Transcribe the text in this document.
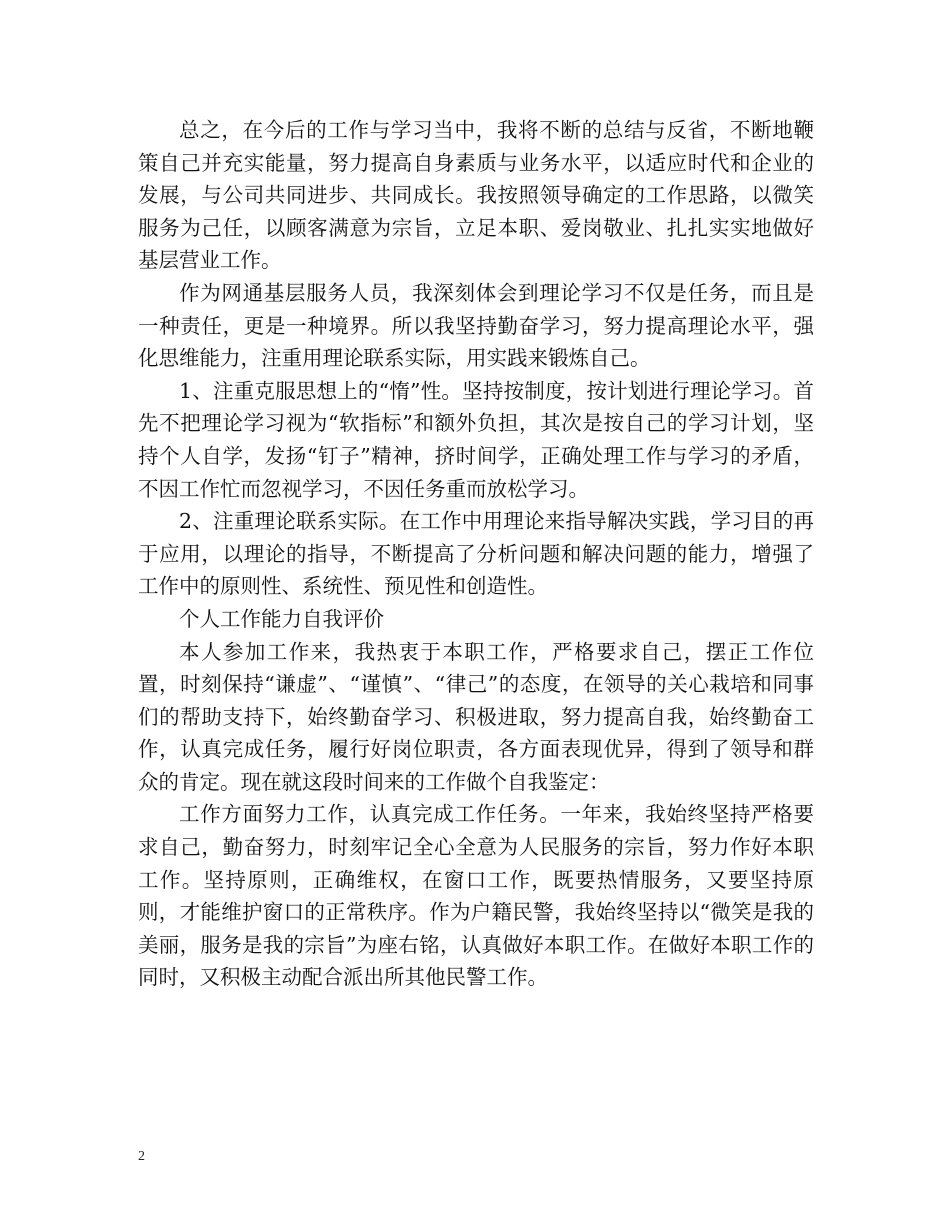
总之，在今后的工作与学习当中，我将不断的总结与反省，不断地鞭策自己并充实能量，努力提高自身素质与业务水平，以适应时代和企业的发展，与公司共同进步、共同成长。我按照领导确定的工作思路，以微笑服务为己任，以顾客满意为宗旨，立足本职、爱岗敬业、扎扎实实地做好基层营业工作。

作为网通基层服务人员，我深刻体会到理论学习不仅是任务，而且是一种责任，更是一种境界。所以我坚持勤奋学习，努力提高理论水平，强化思维能力，注重用理论联系实际，用实践来锻炼自己。

1、注重克服思想上的“惰”性。坚持按制度，按计划进行理论学习。首先不把理论学习视为“软指标”和额外负担，其次是按自己的学习计划，坚持个人自学，发扬“钉子”精神，挤时间学，正确处理工作与学习的矛盾，不因工作忙而忽视学习，不因任务重而放松学习。

2、注重理论联系实际。在工作中用理论来指导解决实践，学习目的再于应用，以理论的指导，不断提高了分析问题和解决问题的能力，增强了工作中的原则性、系统性、预见性和创造性。

个人工作能力自我评价

本人参加工作来，我热衷于本职工作，严格要求自己，摆正工作位置，时刻保持“谦虚”、“谨慎”、“律己”的态度，在领导的关心栽培和同事们的帮助支持下，始终勤奋学习、积极进取，努力提高自我，始终勤奋工作，认真完成任务，履行好岗位职责，各方面表现优异，得到了领导和群众的肯定。现在就这段时间来的工作做个自我鉴定：

工作方面努力工作，认真完成工作任务。一年来，我始终坚持严格要求自己，勤奋努力，时刻牢记全心全意为人民服务的宗旨，努力作好本职工作。坚持原则，正确维权，在窗口工作，既要热情服务，又要坚持原则，才能维护窗口的正常秩序。作为户籍民警，我始终坚持以“微笑是我的美丽，服务是我的宗旨”为座右铭，认真做好本职工作。在做好本职工作的同时，又积极主动配合派出所其他民警工作。

2
